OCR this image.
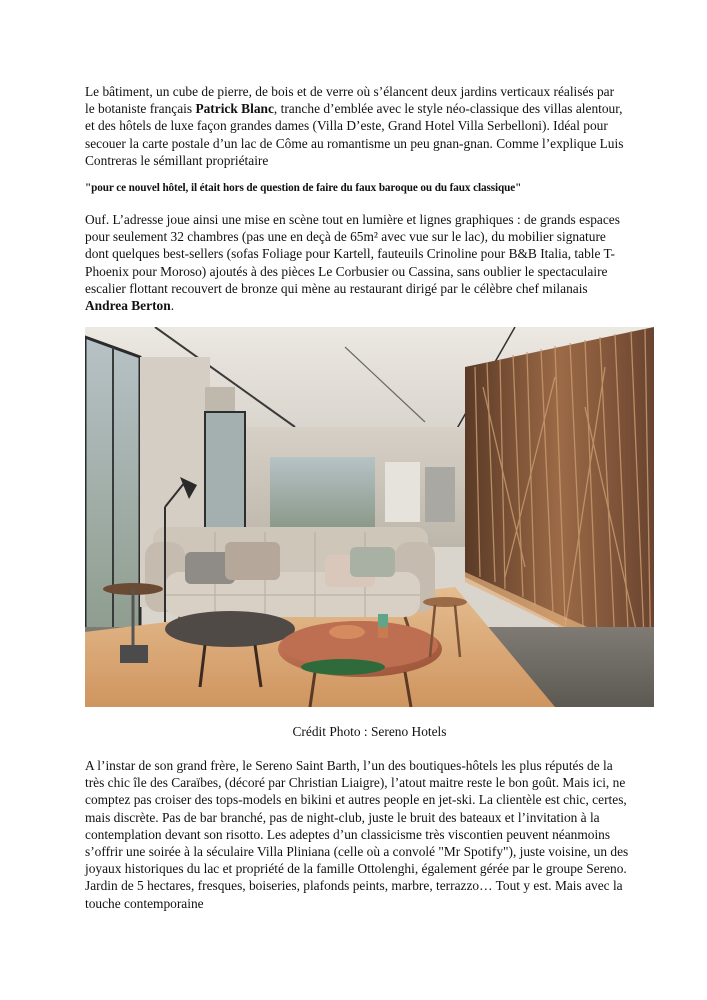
Le bâtiment, un cube de pierre, de bois et de verre où s’élancent deux jardins verticaux réalisés par le botaniste français Patrick Blanc, tranche d’emblée avec le style néo-classique des villas alentour, et des hôtels de luxe façon grandes dames (Villa D’este, Grand Hotel Villa Serbelloni). Idéal pour secouer la carte postale d’un lac de Côme au romantisme un peu gnan-gnan. Comme l’explique Luis Contreras le sémillant propriétaire

"pour ce nouvel hôtel, il était hors de question de faire du faux baroque ou du faux classique"

Ouf. L’adresse joue ainsi une mise en scène tout en lumière et lignes graphiques : de grands espaces pour seulement 32 chambres (pas une en deçà de 65m² avec vue sur le lac), du mobilier signature dont quelques best-sellers (sofas Foliage pour Kartell, fauteuils Crinoline pour B&B Italia, table T-Phoenix pour Moroso) ajoutés à des pièces Le Corbusier ou Cassina, sans oublier le spectaculaire escalier flottant recouvert de bronze qui mène au restaurant dirigé par le célèbre chef milanais Andrea Berton.

Crédit Photo : Sereno Hotels

A l’instar de son grand frère, le Sereno Saint Barth, l’un des boutiques-hôtels les plus réputés de la très chic île des Caraïbes, (décoré par Christian Liaigre), l’atout maitre reste le bon goût. Mais ici, ne comptez pas croiser des tops-models en bikini et autres people en jet-ski. La clientèle est chic, certes, mais discrète. Pas de bar branché, pas de night-club, juste le bruit des bateaux et l’invitation à la contemplation devant son risotto. Les adeptes d’un classicisme très viscontien peuvent néanmoins s’offrir une soirée à la séculaire Villa Pliniana (celle où a convolé "Mr Spotify"), juste voisine, un des joyaux historiques du lac et propriété de la famille Ottolenghi, également gérée par le groupe Sereno. Jardin de 5 hectares, fresques, boiseries, plafonds peints, marbre, terrazzo… Tout y est. Mais avec la touche contemporaine
